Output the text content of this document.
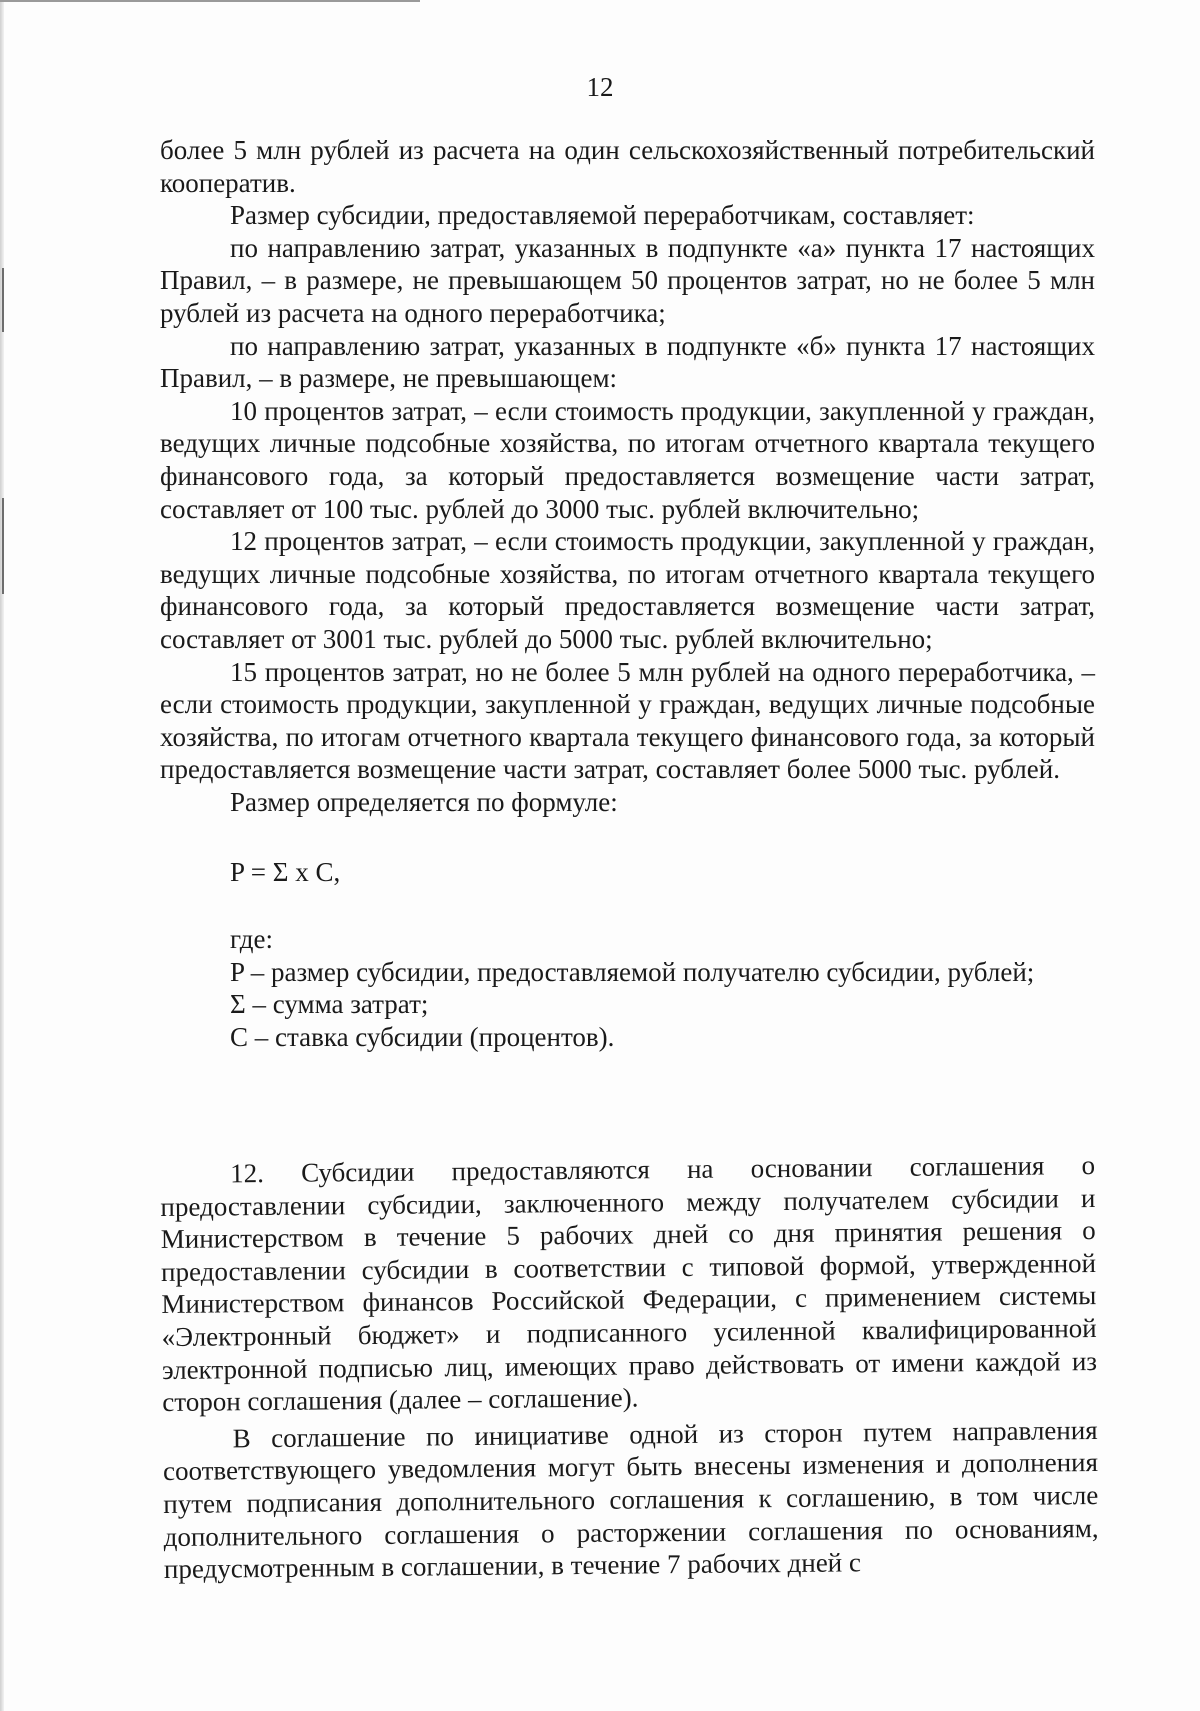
12

более 5 млн рублей из расчета на один сельскохозяйственный потребительский кооператив.

Размер субсидии, предоставляемой переработчикам, составляет:

по направлению затрат, указанных в подпункте «а» пункта 17 настоящих Правил, – в размере, не превышающем 50 процентов затрат, но не более 5 млн рублей из расчета на одного переработчика;

по направлению затрат, указанных в подпункте «б» пункта 17 настоящих Правил, – в размере, не превышающем:

10 процентов затрат, – если стоимость продукции, закупленной у граждан, ведущих личные подсобные хозяйства, по итогам отчетного квартала текущего финансового года, за который предоставляется возмещение части затрат, составляет от 100 тыс. рублей до 3000 тыс. рублей включительно;

12 процентов затрат, – если стоимость продукции, закупленной у граждан, ведущих личные подсобные хозяйства, по итогам отчетного квартала текущего финансового года, за который предоставляется возмещение части затрат, составляет от 3001 тыс. рублей до 5000 тыс. рублей включительно;

15 процентов затрат, но не более 5 млн рублей на одного переработчика, – если стоимость продукции, закупленной у граждан, ведущих личные подсобные хозяйства, по итогам отчетного квартала текущего финансового года, за который предоставляется возмещение части затрат, составляет более 5000 тыс. рублей.

Размер определяется по формуле:

P = Σ x C,

где:

P – размер субсидии, предоставляемой получателю субсидии, рублей;

Σ – сумма затрат;

C – ставка субсидии (процентов).

12. Субсидии предоставляются на основании соглашения о предоставлении субсидии, заключенного между получателем субсидии и Министерством в течение 5 рабочих дней со дня принятия решения о предоставлении субсидии в соответствии с типовой формой, утвержденной Министерством финансов Российской Федерации, с применением системы «Электронный бюджет» и подписанного усиленной квалифицированной электронной подписью лиц, имеющих право действовать от имени каждой из сторон соглашения (далее – соглашение).

В соглашение по инициативе одной из сторон путем направления соответствующего уведомления могут быть внесены изменения и дополнения путем подписания дополнительного соглашения к соглашению, в том числе дополнительного соглашения о расторжении соглашения по основаниям, предусмотренным в соглашении, в течение 7 рабочих дней с
